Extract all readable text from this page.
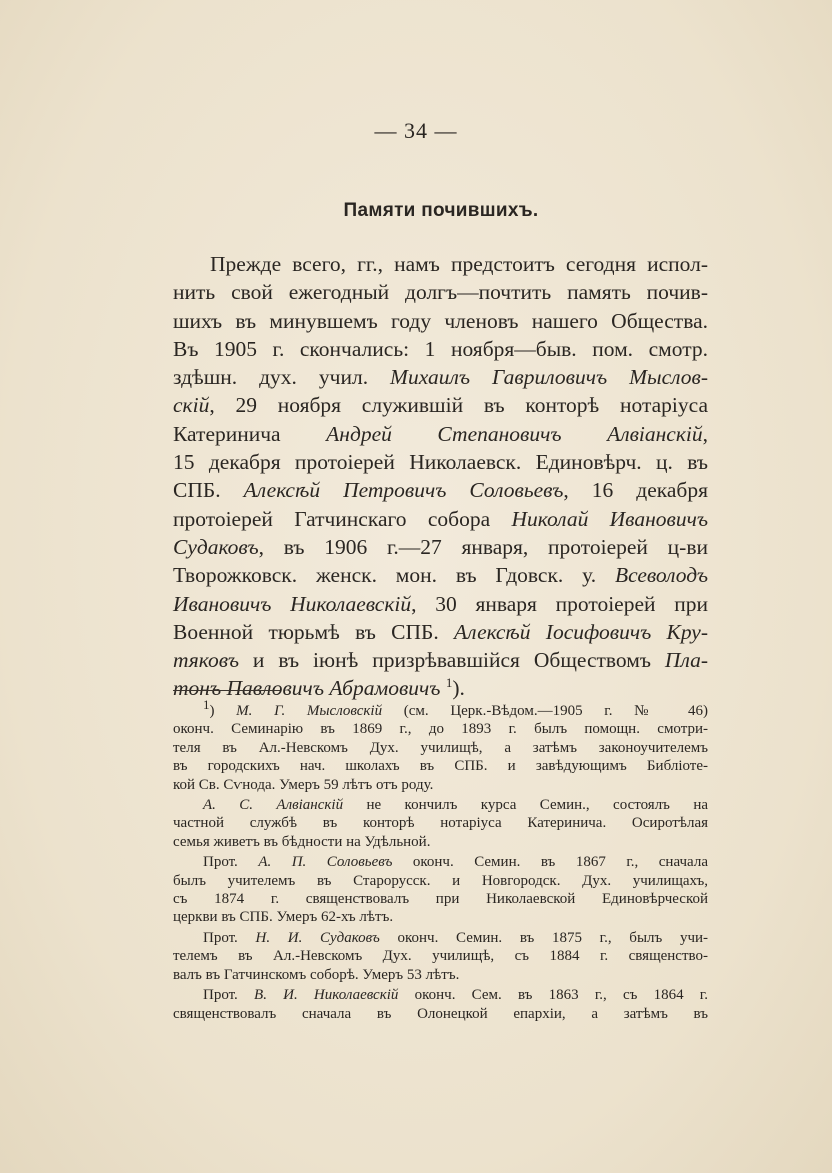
— 34 —
Памяти почившихъ.
Прежде всего, гг., намъ предстоитъ сегодня испол-
нить свой ежегодный долгъ—почтить память почив-
шихъ въ минувшемъ году членовъ нашего Общества.
Въ 1905 г. скончались: 1 ноября—быв. пом. смотр.
здѣшн. дух. учил. Михаилъ Гавриловичъ Мыслов-
скій, 29 ноября служившій въ конторѣ нотаріуса
Катеринича Андрей Степановичъ Алвіанскій,
15 декабря протоіерей Николаевск. Единовѣрч. ц. въ
СПБ. Алексѣй Петровичъ Соловьевъ, 16 декабря
протоіерей Гатчинскаго собора Николай Ивановичъ
Судаковъ, въ 1906 г.—27 января, протоіерей ц-ви
Творожковск. женск. мон. въ Гдовск. у. Всеволодъ
Ивановичъ Николаевскій, 30 января протоіерей при
Военной тюрьмѣ въ СПБ. Алексѣй Іосифовичъ Кру-
тяковъ и въ іюнѣ призрѣвавшійся Обществомъ Пла-
тонъ Павловичъ Абрамовичъ $^1$).
1) М. Г. Мысловскій (см. Церк.-Вѣдом.—1905 г. № 46)
оконч. Семинарію въ 1869 г., до 1893 г. былъ помощн. смотри-
теля въ Ал.-Невскомъ Дух. училищѣ, а затѣмъ законоучителемъ
въ городскихъ нач. школахъ въ СПБ. и завѣдующимъ Библіоте-
кой Св. Сѵнода. Умеръ 59 лѣтъ отъ роду.
А. С. Алвіанскій не кончилъ курса Семин., состоялъ на
частной службѣ въ конторѣ нотаріуса Катеринича. Осиротѣлая
семья живетъ въ бѣдности на Удѣльной.
Прот. А. П. Соловьевъ оконч. Семин. въ 1867 г., сначала
былъ учителемъ въ Старорусск. и Новгородск. Дух. училищахъ,
съ 1874 г. священствовалъ при Николаевской Единовѣрческой
церкви въ СПБ. Умеръ 62-хъ лѣтъ.
Прот. Н. И. Судаковъ оконч. Семин. въ 1875 г., былъ учи-
телемъ въ Ал.-Невскомъ Дух. училищѣ, съ 1884 г. священство-
валъ въ Гатчинскомъ соборѣ. Умеръ 53 лѣтъ.
Прот. В. И. Николаевскій оконч. Сем. въ 1863 г., съ 1864 г.
священствовалъ сначала въ Олонецкой епархіи, а затѣмъ въ
